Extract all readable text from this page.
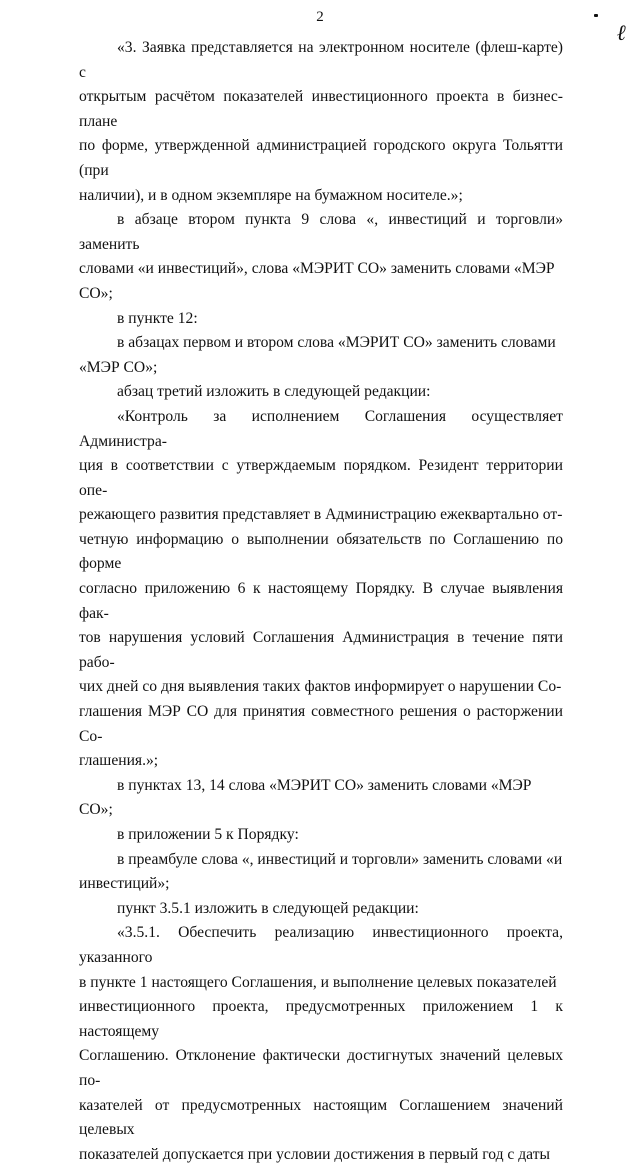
2
ℓ

«3. Заявка представляется на электронном носителе (флеш-карте) с
открытым расчётом показателей инвестиционного проекта в бизнес-плане
по форме, утвержденной администрацией городского округа Тольятти (при
наличии), и в одном экземпляре на бумажном носителе.»;

в абзаце втором пункта 9 слова «, инвестиций и торговли» заменить
словами «и инвестиций», слова «МЭРИТ СО» заменить словами «МЭР
СО»;

в пункте 12:

в абзацах первом и втором слова «МЭРИТ СО» заменить словами
«МЭР СО»;

абзац третий изложить в следующей редакции:

«Контроль за исполнением Соглашения осуществляет Администра-
ция в соответствии с утверждаемым порядком. Резидент территории опе-
режающего развития представляет в Администрацию ежеквартально от-
четную информацию о выполнении обязательств по Соглашению по форме
согласно приложению 6 к настоящему Порядку. В случае выявления фак-
тов нарушения условий Соглашения Администрация в течение пяти рабо-
чих дней со дня выявления таких фактов информирует о нарушении Со-
глашения МЭР СО для принятия совместного решения о расторжении Со-
глашения.»;

в пунктах 13, 14 слова «МЭРИТ СО» заменить словами «МЭР СО»;

в приложении 5 к Порядку:

в преамбуле слова «, инвестиций и торговли» заменить словами «и
инвестиций»;

пункт 3.5.1 изложить в следующей редакции:

«3.5.1. Обеспечить реализацию инвестиционного проекта, указанного
в пункте 1 настоящего Соглашения, и выполнение целевых показателей
инвестиционного проекта, предусмотренных приложением 1 к настоящему
Соглашению. Отклонение фактически достигнутых значений целевых по-
казателей от предусмотренных настоящим Соглашением значений целевых
показателей допускается при условии достижения в первый год с даты
